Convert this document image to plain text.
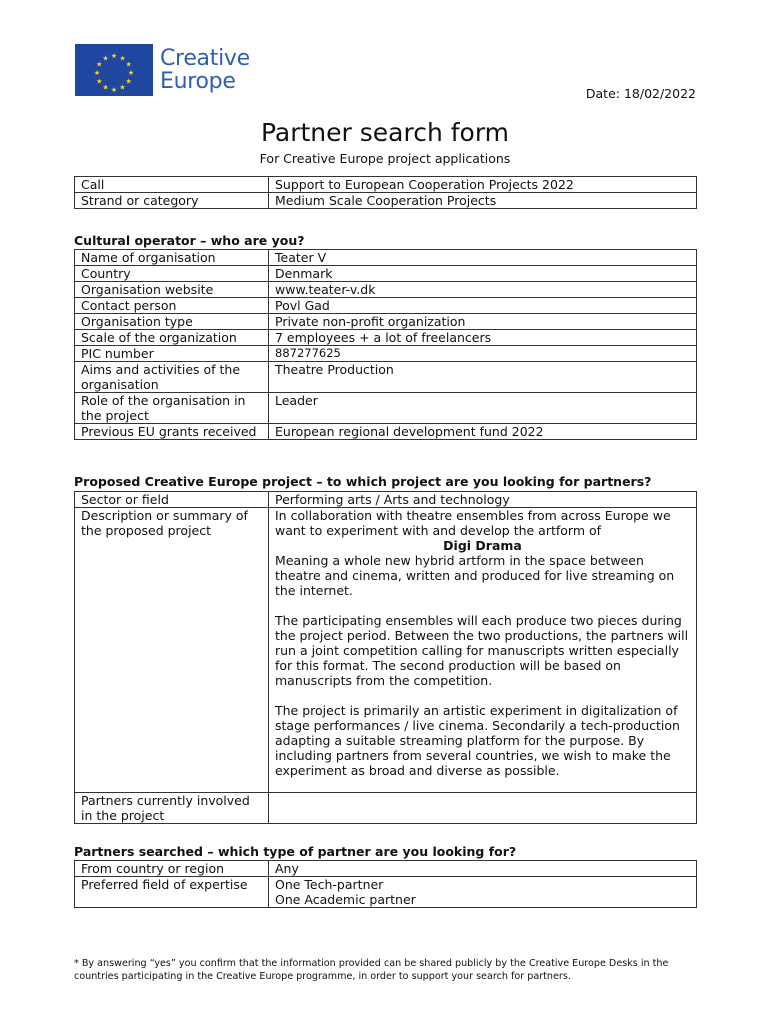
★ ★
★
★
★
★
★
★
★
★
★
★ Creative
Europe	Date: 18/02/2022
Partner search form
For Creative Europe project applications
Call	Support to European Cooperation Projects 2022
Strand or category	Medium Scale Cooperation Projects
Cultural operator – who are you?
Name of organisation	Teater V
Country	Denmark
Organisation website	www.teater-v.dk
Contact person	Povl Gad
Organisation type	Private non-profit organization
Scale of the organization	7 employees + a lot of freelancers
PIC number	887277625
Aims and activities of the organisation	Theatre Production
Role of the organisation in the project	Leader
Previous EU grants received	European regional development fund 2022
Proposed Creative Europe project – to which project are you looking for partners?
Sector or field	Performing arts / Arts and technology
Description or summary of the proposed project	In collaboration with theatre ensembles from across Europe we want to experiment with and develop the artform of

Digi Drama

Meaning a whole new hybrid artform in the space between theatre and cinema, written and produced for live streaming on the internet.

The participating ensembles will each produce two pieces during the project period. Between the two productions, the partners will run a joint competition calling for manuscripts written especially for this format. The second production will be based on manuscripts from the competition.

The project is primarily an artistic experiment in digitalization of stage performances / live cinema. Secondarily a tech-production adapting a suitable streaming platform for the purpose. By including partners from several countries, we wish to make the experiment as broad and diverse as possible.

Partners currently involved in the project	
Partners searched – which type of partner are you looking for?
From country or region	Any
Preferred field of expertise	One Tech-partner
One Academic partner
* By answering “yes” you confirm that the information provided can be shared publicly by the Creative Europe Desks in the countries participating in the Creative Europe programme, in order to support your search for partners.
